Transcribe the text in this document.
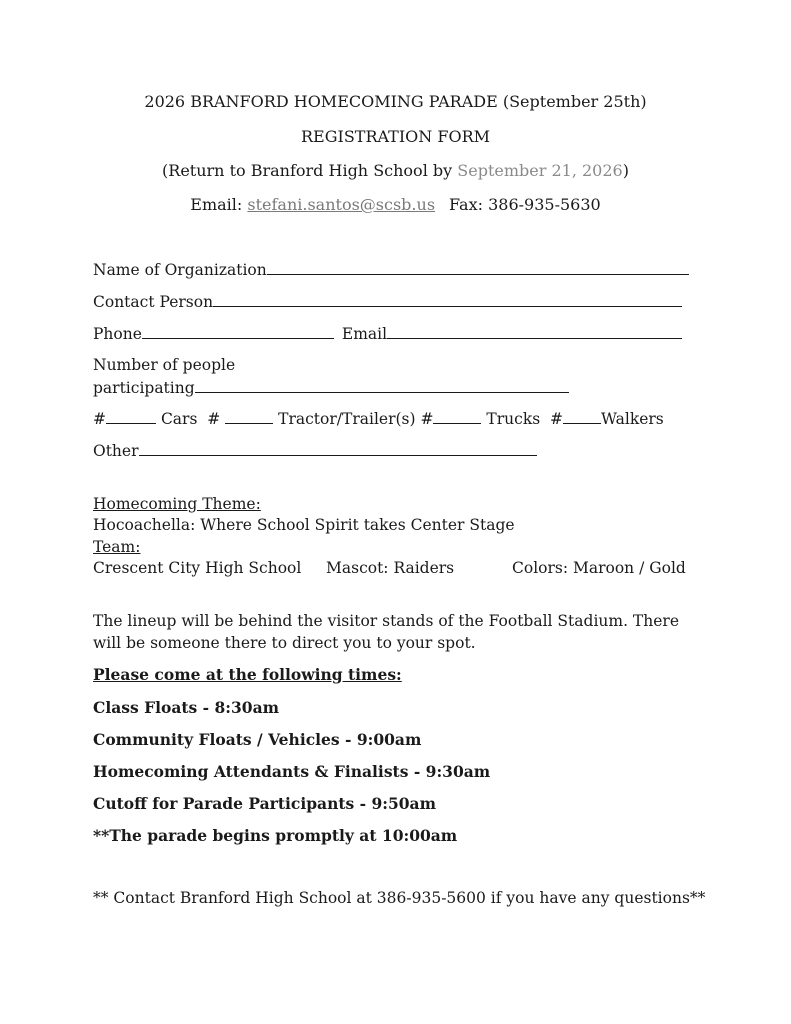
2026 BRANFORD HOMECOMING PARADE (September 25th)
REGISTRATION FORM
(Return to Branford High School by September 21, 2026)
Email: stefani.santos@scsb.us Fax: 386-935-5630
Name of Organization
Contact Person
Phone	Email
Number of people
participating
#	Cars #	Tractor/Trailer(s) #	Trucks # Walkers
Other
Homecoming Theme:
Hocoachella: Where School Spirit takes Center Stage
Team:
Crescent City High School Mascot: Raiders	Colors: Maroon / Gold
The lineup will be behind the visitor stands of the Football Stadium. There
will be someone there to direct you to your spot.
Please come at the following times:
Class Floats - 8:30am
Community Floats / Vehicles - 9:00am
Homecoming Attendants & Finalists - 9:30am
Cutoff for Parade Participants - 9:50am
**The parade begins promptly at 10:00am
** Contact Branford High School at 386-935-5600 if you have any questions**
